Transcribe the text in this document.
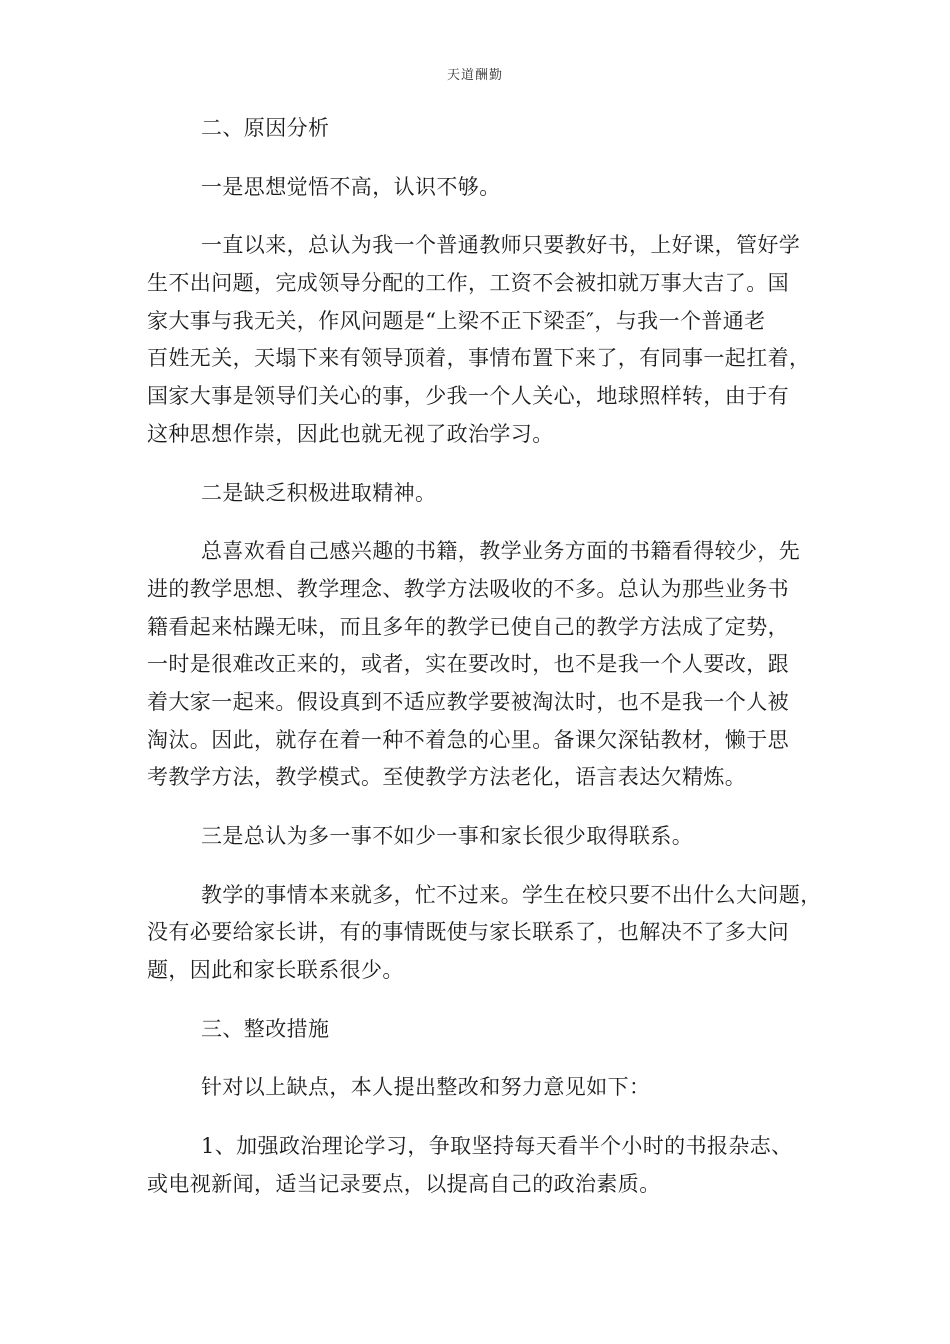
天道酬勤
二、原因分析
一是思想觉悟不高，认识不够。
一直以来，总认为我一个普通教师只要教好书，上好课，管好学
生不出问题，完成领导分配的工作，工资不会被扣就万事大吉了。国
家大事与我无关，作风问题是“上梁不正下梁歪″，与我一个普通老
百姓无关，天塌下来有领导顶着，事情布置下来了，有同事一起扛着，
国家大事是领导们关心的事，少我一个人关心，地球照样转，由于有
这种思想作崇，因此也就无视了政治学习。
二是缺乏积极进取精神。
总喜欢看自己感兴趣的书籍，教学业务方面的书籍看得较少，先
进的教学思想、教学理念、教学方法吸收的不多。总认为那些业务书
籍看起来枯躁无味，而且多年的教学已使自己的教学方法成了定势，
一时是很难改正来的，或者，实在要改时，也不是我一个人要改，跟
着大家一起来。假设真到不适应教学要被淘汰时，也不是我一个人被
淘汰。因此，就存在着一种不着急的心里。备课欠深钻教材，懒于思
考教学方法，教学模式。至使教学方法老化，语言表达欠精炼。
三是总认为多一事不如少一事和家长很少取得联系。
教学的事情本来就多，忙不过来。学生在校只要不出什么大问题，
没有必要给家长讲，有的事情既使与家长联系了，也解决不了多大问
题，因此和家长联系很少。
三、整改措施
针对以上缺点，本人提出整改和努力意见如下：
1、加强政治理论学习，争取坚持每天看半个小时的书报杂志、
或电视新闻，适当记录要点，以提高自己的政治素质。
